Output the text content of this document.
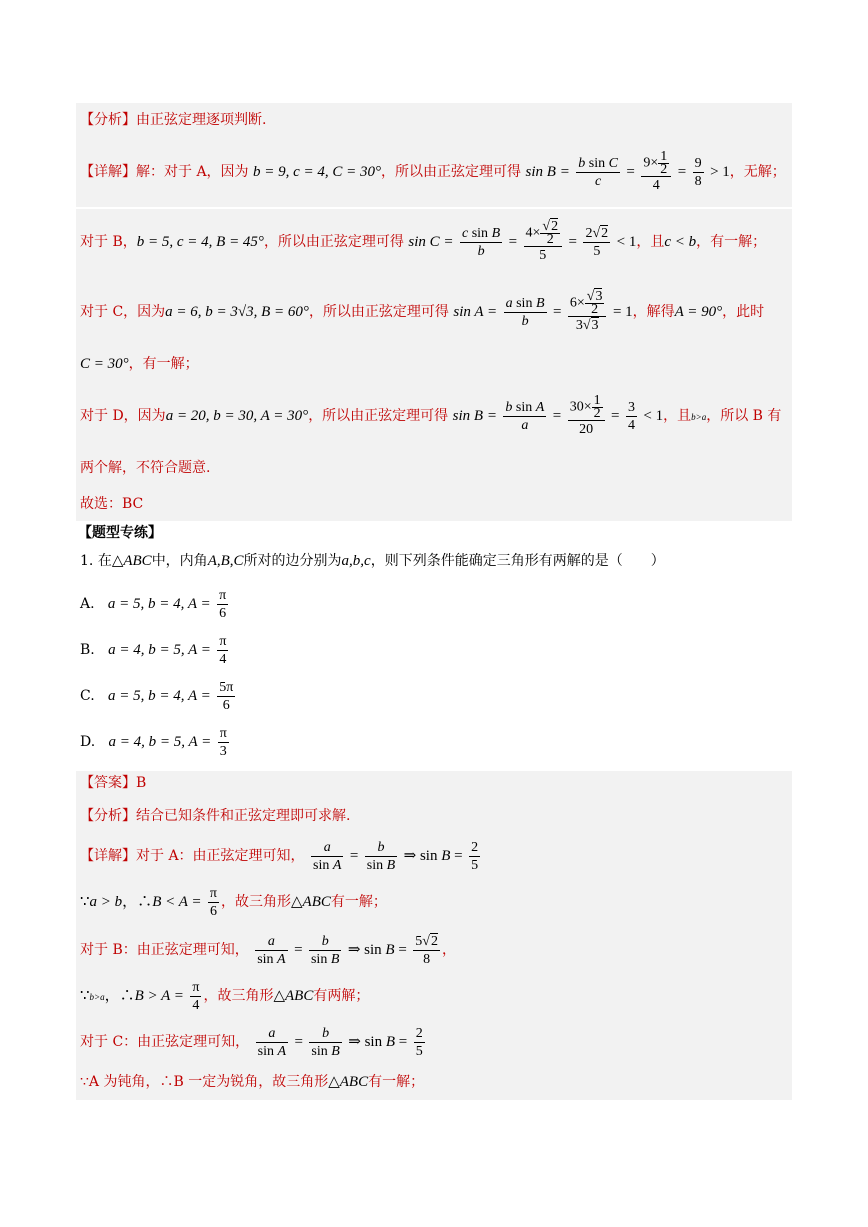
【分析】由正弦定理逐项判断.
【详解】解：对于 A，因为 b = 9, c = 4, C = 30°，所以由正弦定理可得 $\sin B = \frac{\text{b sin C}}{c} = \frac{9\times \frac{1}{2}}{4} = \frac{9}{8} > 1$，无解；
对于 B，b = 5, c = 4, B = 45°，所以由正弦定理可得 $\sin C = \frac{\text{c sin B}}{b} = \frac{4\times \frac{√2}{2}}{5} = \frac{2√2}{5} < 1$，且c < b，有一解；
对于 C，因为a = 6, b = 3√3, B = 60°，所以由正弦定理可得 $\sin A = \frac{\text{a sin B}}{b} = \frac{6\times \frac{√3}{2}}{3√3} = 1$，解得A = 90°，此时
C = 30°，有一解；
对于 D，因为a = 20, b = 30, A = 30°，所以由正弦定理可得 $\sin B = \frac{\text{b sin A}}{a} = \frac{30\times \frac{1}{2}}{20} = \frac{3}{4} < 1$，且b>a，所以 B 有
两个解，不符合题意.
故选：BC
【题型专练】
1. 在△ABC中，内角A,B,C所对的边分别为a,b,c，则下列条件能确定三角形有两解的是（　　）
A. a = 5, b = 4, $A = \frac{\pi}{6}$
B. a = 4, b = 5, $A = \frac{\pi}{4}$
C. a = 5, b = 4, $A = \frac{5\pi}{6}$
D. a = 4, b = 5, $A = \frac{\pi}{3}$
【答案】B
【分析】结合已知条件和正弦定理即可求解.
【详解】对于 A：由正弦定理可知， $\frac{a}{\text{sin A}} = \frac{b}{\text{sin B}}$ ⇒ $\sin B = \frac{2}{5}$
∵a > b，∴B < $A = \frac{\pi}{6}$ ，故三角形△ABC有一解；
对于 B：由正弦定理可知， $\frac{a}{\text{sin A}} = \frac{b}{\text{sin B}}$ ⇒ $\sin B = \frac{5√2}{8}$ ，
∵b>a，∴B > $A = \frac{\pi}{4}$ ，故三角形△ABC有两解；
对于 C：由正弦定理可知， $\frac{a}{\text{sin A}} = \frac{b}{\text{sin B}}$ ⇒ $\sin B = \frac{2}{5}$
∵A 为钝角，∴B 一定为锐角，故三角形△ABC有一解；
